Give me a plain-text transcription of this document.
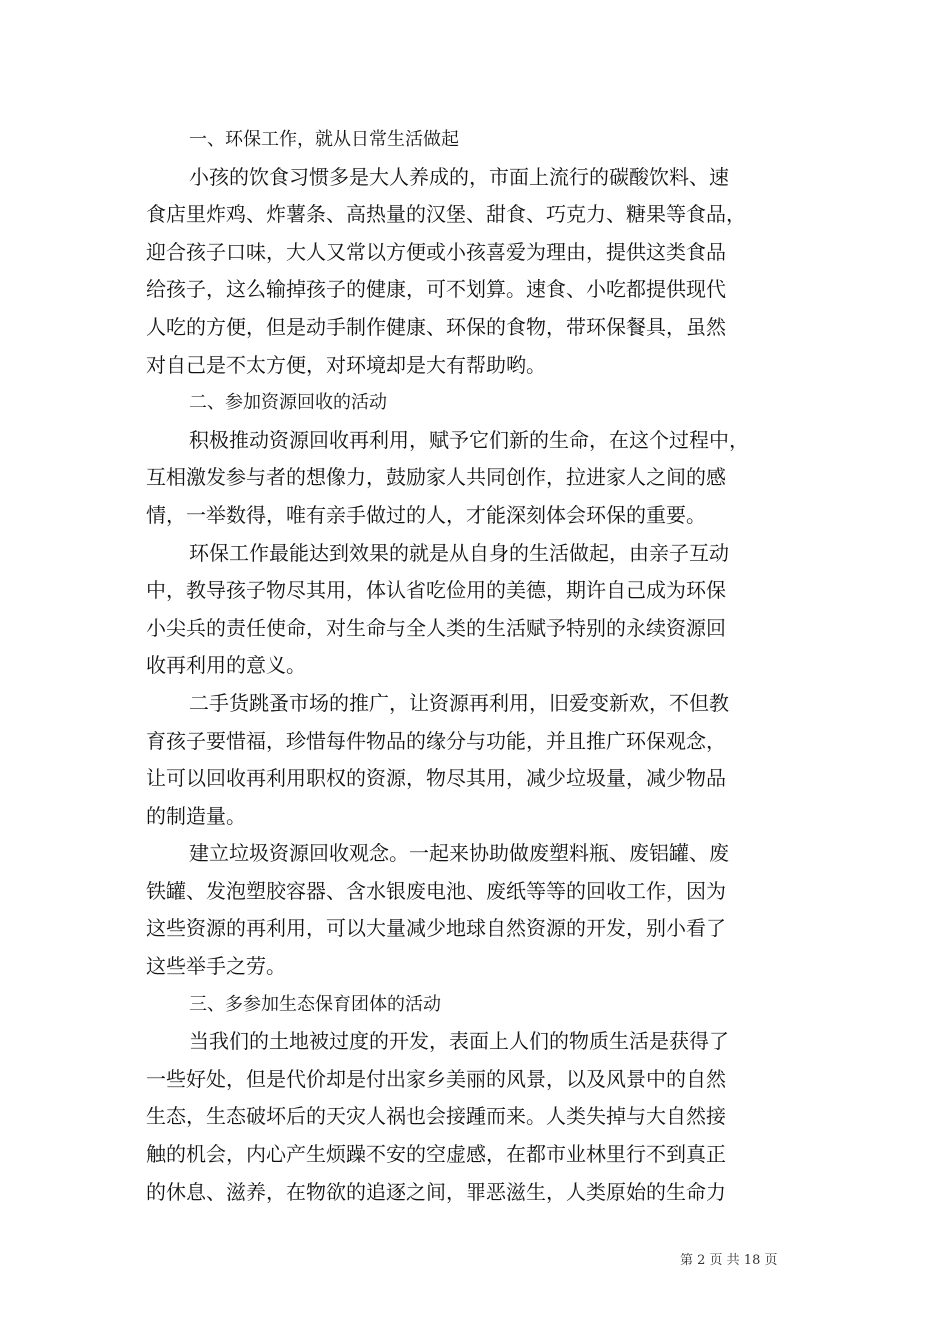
一、环保工作，就从日常生活做起
小孩的饮食习惯多是大人养成的，市面上流行的碳酸饮料、速
食店里炸鸡、炸薯条、高热量的汉堡、甜食、巧克力、糖果等食品，
迎合孩子口味，大人又常以方便或小孩喜爱为理由，提供这类食品
给孩子，这么输掉孩子的健康，可不划算。速食、小吃都提供现代
人吃的方便，但是动手制作健康、环保的食物，带环保餐具，虽然
对自己是不太方便，对环境却是大有帮助哟。
二、参加资源回收的活动
积极推动资源回收再利用，赋予它们新的生命，在这个过程中，
互相激发参与者的想像力，鼓励家人共同创作，拉进家人之间的感
情，一举数得，唯有亲手做过的人，才能深刻体会环保的重要。
环保工作最能达到效果的就是从自身的生活做起，由亲子互动
中，教导孩子物尽其用，体认省吃俭用的美德，期许自己成为环保
小尖兵的责任使命，对生命与全人类的生活赋予特别的永续资源回
收再利用的意义。
二手货跳蚤市场的推广，让资源再利用，旧爱变新欢，不但教
育孩子要惜福，珍惜每件物品的缘分与功能，并且推广环保观念，
让可以回收再利用职权的资源，物尽其用，减少垃圾量，减少物品
的制造量。
建立垃圾资源回收观念。一起来协助做废塑料瓶、废铝罐、废
铁罐、发泡塑胶容器、含水银废电池、废纸等等的回收工作，因为
这些资源的再利用，可以大量减少地球自然资源的开发，别小看了
这些举手之劳。
三、多参加生态保育团体的活动
当我们的土地被过度的开发，表面上人们的物质生活是获得了
一些好处，但是代价却是付出家乡美丽的风景，以及风景中的自然
生态，生态破坏后的天灾人祸也会接踵而来。人类失掉与大自然接
触的机会，内心产生烦躁不安的空虚感，在都市业林里行不到真正
的休息、滋养，在物欲的追逐之间，罪恶滋生，人类原始的生命力
第 2 页 共 18 页
